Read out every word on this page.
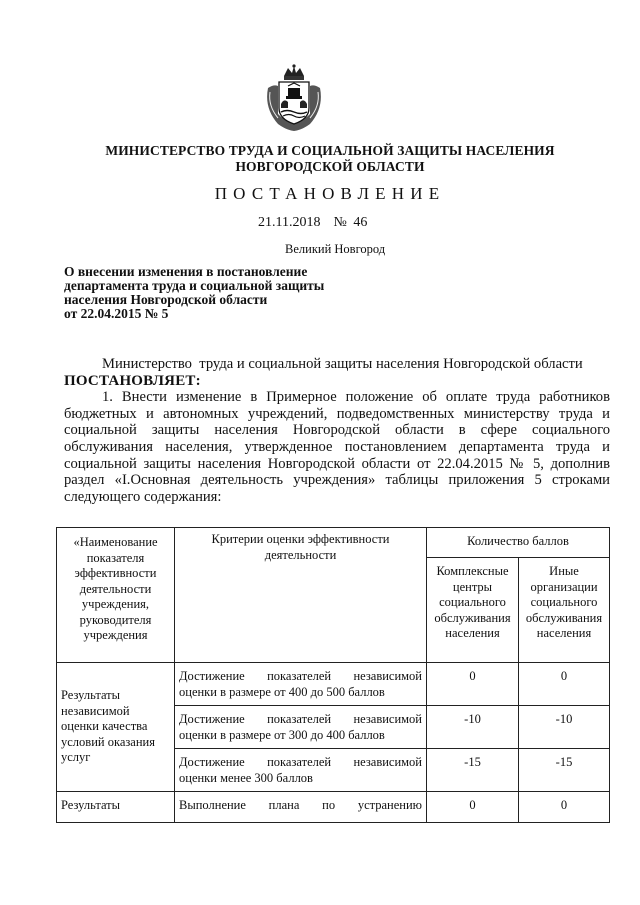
МИНИСТЕРСТВО ТРУДА И СОЦИАЛЬНОЙ ЗАЩИТЫ НАСЕЛЕНИЯ
НОВГОРОДСКОЙ ОБЛАСТИ
ПОСТАНОВЛЕНИЕ
21.11.2018  № 46
Великий Новгород
О внесении изменения в постановление
департамента труда и социальной защиты
населения Новгородской области
от 22.04.2015 № 5

Министерство  труда и социальной защиты населения Новгородской области

ПОСТАНОВЛЯЕТ:

1. Внести изменение в Примерное положение об оплате труда работников бюджетных и автономных учреждений, подведомственных министерству труда и социальной защиты населения Новгородской области в сфере социального обслуживания населения, утвержденное постановлением департамента труда и социальной защиты населения Новгородской области от 22.04.2015 № 5, дополнив раздел «I.Основная деятельность учреждения» таблицы приложения 5 строками следующего содержания:

«Наименование показателя эффективности деятельности учреждения, руководителя учреждения	Критерии оценки эффективности деятельности	Количество баллов	
		Комплексные центры социального обслуживания населения	Иные организации социального обслуживания населения
Результаты независимой оценки качества условий оказания услуг	Достижение показателей независимой оценки в размере от 400 до 500 баллов	0	0
	Достижение показателей независимой оценки в размере от 300 до 400 баллов	-10	-10
	Достижение показателей независимой оценки менее 300 баллов	-15	-15
Результаты	Выполнение плана по устранению	0	0
